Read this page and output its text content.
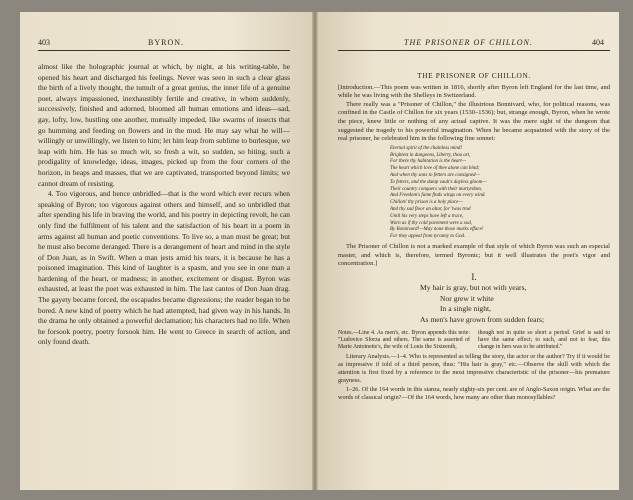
403	BYRON.

almost like the holographic journal at which, by night, at his writing-table, he opened his heart and discharged his feelings. Never was seen in such a clear glass the birth of a lively thought, the tumult of a great genius, the inner life of a genuine poet, always impassioned, inexhaustibly fertile and creative, in whom suddenly, successively, finished and adorned, bloomed all human emotions and ideas—sad, gay, lofty, low, hustling one another, mutually impeded, like swarms of insects that go humming and feeding on flowers and in the mud. He may say what he will—willingly or unwillingly, we listen to him; let him leap from sublime to burlesque, we leap with him. He has so much wit, so fresh a wit, so sudden, so biting, such a prodigality of knowledge, ideas, images, picked up from the four corners of the horizon, in heaps and masses, that we are captivated, transported beyond limits; we cannot dream of resisting.

4. Too vigorous, and hence unbridled—that is the word which ever recurs when speaking of Byron; too vigorous against others and himself, and so unbridled that after spending his life in braving the world, and his poetry in depicting revolt, he can only find the fulfilment of his talent and the satisfaction of his heart in a poem in arms against all human and poetic conventions. To live so, a man must be great; but he must also become deranged. There is a derangement of heart and mind in the style of Don Juan, as in Swift. When a man jests amid his tears, it is because he has a poisoned imagination. This kind of laughter is a spasm, and you see in one man a hardening of the heart, or madness; in another, excitement or disgust. Byron was exhausted, at least the poet was exhausted in him. The last cantos of Don Juan drag. The gayety became forced, the escapades became digressions; the reader began to be bored. A new kind of poetry which he had attempted, had given way in his hands. In the drama he only obtained a powerful declamation; his characters had no life. When he forsook poetry, poetry forsook him. He went to Greece in search of action, and only found death.

THE PRISONER OF CHILLON.	404
THE PRISONER OF CHILLON.

[Introduction.—This poem was written in 1816, shortly after Byron left England for the last time, and while he was living with the Shelleys in Switzerland.

There really was a "Prisoner of Chillon," the illustrious Bonnivard, who, for political reasons, was confined in the Castle of Chillon for six years (1530–1536); but, strange enough, Byron, when he wrote the piece, knew little or nothing of any actual captive. It was the mere sight of the dungeon that suggested the tragedy to his powerful imagination. When he became acquainted with the story of the real prisoner, he celebrated him in the following fine sonnet:

Eternal spirit of the chainless mind!
Brightest in dungeons, Liberty, thou art,
For there thy habitation is the heart—
The heart which love of thee alone can bind;
And when thy sons to fetters are consigned—
To fetters, and the damp vault's dayless gloom—
Their country conquers with their martyrdom,
And Freedom's fame finds wings on every wind.
Chillon! thy prison is a holy place—
And thy sad floor an altar, for 'twas trod
Until his very steps have left a trace,
Worn as if thy cold pavement were a sod,
By Bonnivard!—May none those marks efface!
For they appeal from tyranny to God.

The Prisoner of Chillon is not a marked example of that style of which Byron was such an especial master, and which is, therefore, termed Byronic; but it well illustrates the poet's vigor and concentration.]

I.
My hair is gray, but not with years,
Nor grew it white
In a single night,
As men's have grown from sudden fears;
Notes.—Line 4. As men's, etc. Byron appends this note: "Ludovico Sforza and others. The same is asserted of Marie Antoinette's, the wife of Louis the Sixteenth,
though not in quite so short a period. Grief is said to have the same effect; to such, and not to fear, this change in hers was to be attributed."

Literary Analysis.—1–4. Who is represented as telling the story, the actor or the author? Try if it would be as impressive if told of a third person, thus: "His hair is gray," etc.—Observe the skill with which the attention is first fixed by a reference to the most impressive characteristic of the prisoner—his premature grayness.

1–26. Of the 164 words in this stanza, nearly eighty-six per cent. are of Anglo-Saxon origin. What are the words of classical origin?—Of the 164 words, how many are other than monosyllables?
